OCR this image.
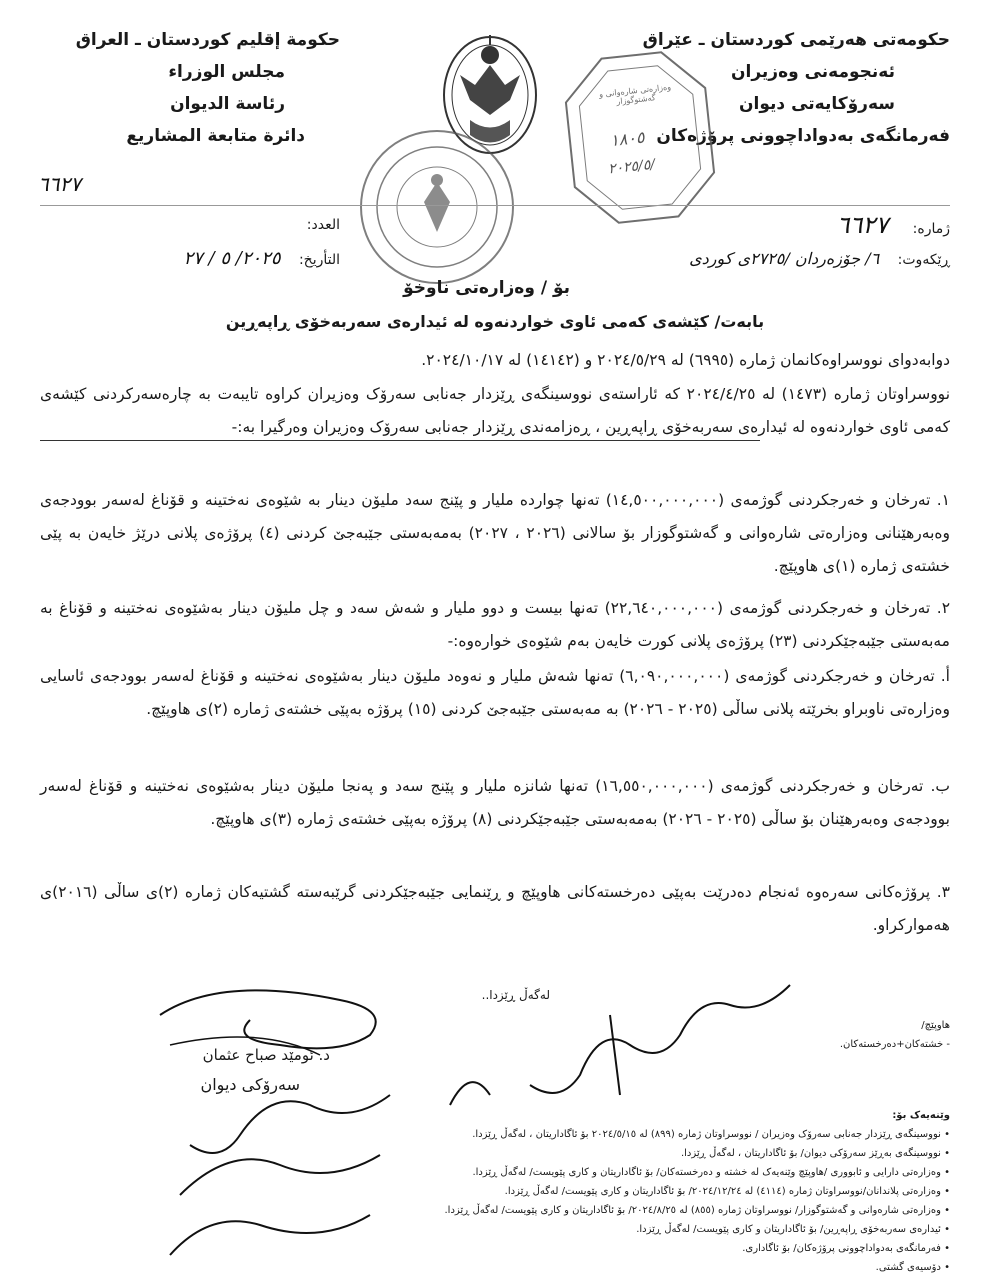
حکومەتی هەرێمی کوردستان ـ عێراق
ئەنجومەنی وەزیران
سەرۆکایەتی دیوان
فەرمانگەی بەدواداچوونی پرۆژەکان
حكومة إقليم كوردستان ـ العراق
مجلس الوزراء
رئاسة الديوان
دائرة متابعة المشاريع
٦٦٢٧
وەزارەتی شارەوانی و گەشتوگوزار
١٨٠٥
٢٠٢٥/٥/
ژمارە: ٦٦٢٧
ڕێکەوت: ٦/ جۆزەردان /٢٧٢٥ی کوردی
العدد:
التأريخ: ٢٠٢٥/ ٥ / ٢٧
بۆ / وەزارەتی ناوخۆ
بابەت/ کێشەی کەمی ئاوی خواردنەوە لە ئیدارەی سەربەخۆی ڕاپەڕین
دوابەدوای نووسراوەکانمان ژمارە (٦٩٩٥) لە ٢٠٢٤/٥/٢٩ و (١٤١٤٢) لە ٢٠٢٤/١٠/١٧.
نووسراوتان ژمارە (١٤٧٣) لە ٢٠٢٤/٤/٢٥ کە ئاراستەی نووسینگەی ڕێزدار جەنابی سەرۆک وەزیران کراوە تایبەت بە چارەسەرکردنی کێشەی کەمی ئاوی خواردنەوە لە ئیدارەی سەربەخۆی ڕاپەڕین ، ڕەزامەندی ڕێزدار جەنابی سەرۆک وەزیران وەرگیرا بە:-
١. تەرخان و خەرجکردنی گوژمەی (١٤,٥٠٠,٠٠٠,٠٠٠) تەنها چواردە ملیار و پێنج سەد ملیۆن دینار بە شێوەی نەختینە و قۆناغ لەسەر بوودجەی وەبەرهێنانی وەزارەتی شارەوانی و گەشتوگوزار بۆ سالانی (٢٠٢٦ ، ٢٠٢٧) بەمەبەستی جێبەجێ کردنی (٤) پرۆژەی پلانی درێژ خایەن بە پێی خشتەی ژمارە (١)ی هاوپێچ.
٢. تەرخان و خەرجکردنی گوژمەی (٢٢,٦٤٠,٠٠٠,٠٠٠) تەنها بیست و دوو ملیار و شەش سەد و چل ملیۆن دینار بەشێوەی نەختینە و قۆناغ بە مەبەستی جێبەجێکردنی (٢٣) پرۆژەی پلانی کورت خایەن بەم شێوەی خوارەوە:-
أ. تەرخان و خەرجکردنی گوژمەی (٦,٠٩٠,٠٠٠,٠٠٠) تەنها شەش ملیار و نەوەد ملیۆن دینار بەشێوەی نەختینە و قۆناغ لەسەر بوودجەی ئاسایی وەزارەتی ناوبراو بخرێتە پلانی ساڵی (٢٠٢٥ - ٢٠٢٦) بە مەبەستی جێبەجێ کردنی (١٥) پرۆژە بەپێی خشتەی ژمارە (٢)ی هاوپێچ.
ب. تەرخان و خەرجکردنی گوژمەی (١٦,٥٥٠,٠٠٠,٠٠٠) تەنها شانزە ملیار و پێنج سەد و پەنجا ملیۆن دینار بەشێوەی نەختینە و قۆناغ لەسەر بوودجەی وەبەرهێنان بۆ ساڵی (٢٠٢٥ - ٢٠٢٦) بەمەبەستی جێبەجێکردنی (٨) پرۆژە بەپێی خشتەی ژمارە (٣)ی هاوپێچ.
٣. پرۆژەکانی سەرەوە ئەنجام دەدرێت بەپێی دەرخستەکانی هاوپێچ و ڕێنمایی جێبەجێکردنی گرێبەستە گشتیەکان ژمارە (٢)ی ساڵی (٢٠١٦)ی هەموارکراو.
لەگەڵ ڕێزدا..
هاوپێچ/
- خشتەکان+دەرخستەکان.
د. ئومێد صباح عثمان
سەرۆکی دیوان
وێنەیەک بۆ:
• نووسینگەی ڕێزدار جەنابی سەرۆک وەزیران / نووسراوتان ژمارە (٨٩٩) لە ٢٠٢٤/٥/١٥ بۆ ئاگاداریتان ، لەگەڵ ڕێزدا.
• نووسینگەی بەڕێز سەرۆکی دیوان/ بۆ ئاگاداریتان ، لەگەڵ ڕێزدا.
• وەزارەتی دارایی و ئابووری /هاوپێچ وێنەیەک لە خشتە و دەرخستەکان/ بۆ ئاگاداریتان و کاری پێویست/ لەگەڵ ڕێزدا.
• وەزارەتی پلاندانان/نووسراوتان ژمارە (٤١١٤) لە ٢٠٢٤/١٢/٢٤/ بۆ ئاگاداریتان و کاری پێویست/ لەگەڵ ڕێزدا.
• وەزارەتی شارەوانی و گەشتوگوزار/ نووسراوتان ژمارە (٨٥٥) لە ٢٠٢٤/٨/٢٥/ بۆ ئاگاداریتان و کاری پێویست/ لەگەڵ ڕێزدا.
• ئیدارەی سەربەخۆی ڕاپەڕین/ بۆ ئاگاداریتان و کاری پێویست/ لەگەڵ ڕێزدا.
• فەرمانگەی بەدواداچوونی پرۆژەکان/ بۆ ئاگاداری.
• دۆسیەی گشتی.
